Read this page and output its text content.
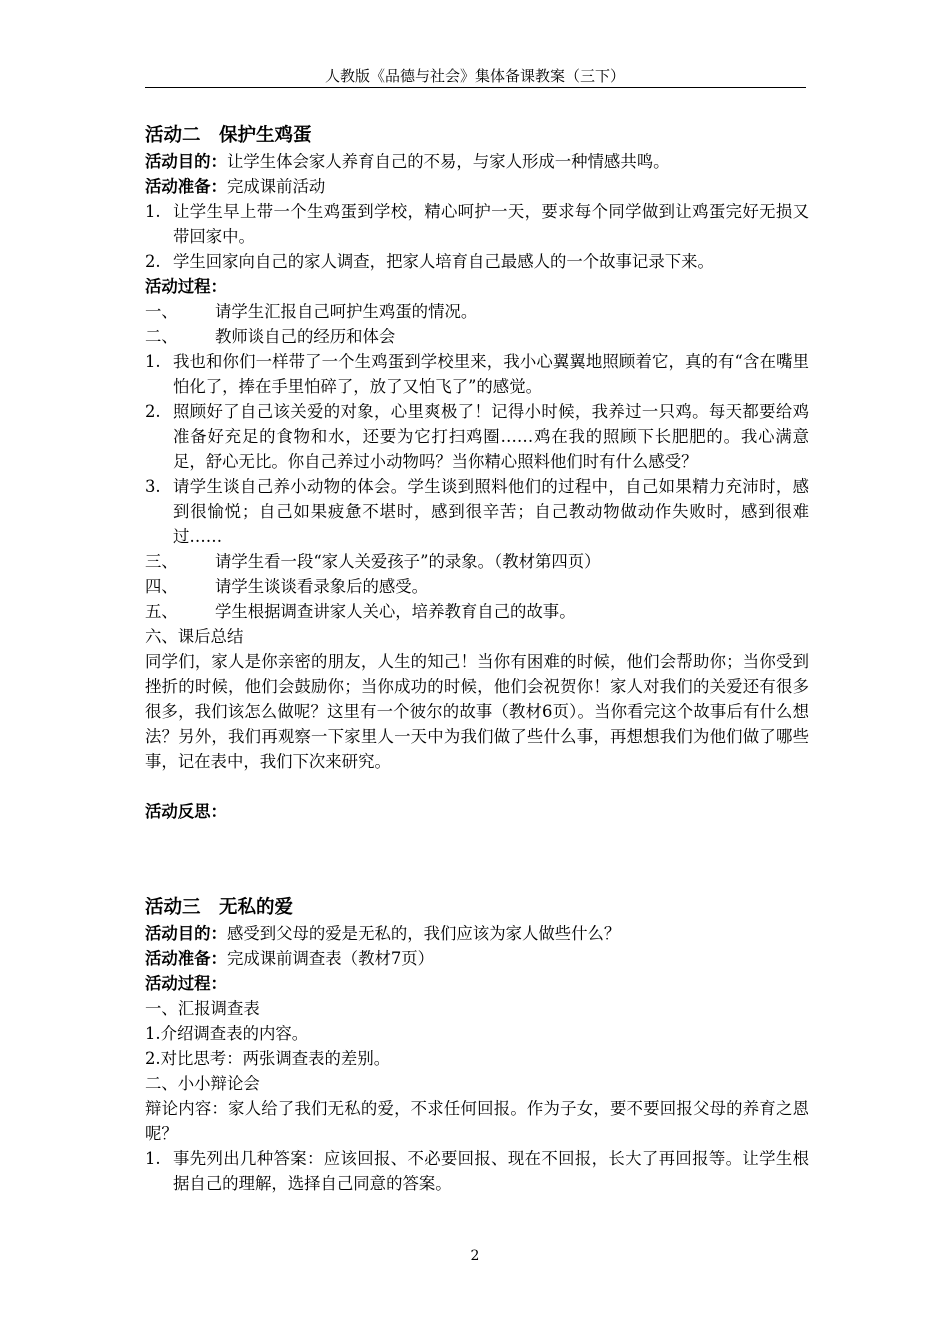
人教版《品德与社会》集体备课教案（三下）
活动二　保护生鸡蛋
活动目的：让学生体会家人养育自己的不易，与家人形成一种情感共鸣。
活动准备：完成课前活动
1. 让学生早上带一个生鸡蛋到学校，精心呵护一天，要求每个同学做到让鸡蛋完好无损又带回家中。
2. 学生回家向自己的家人调查，把家人培育自己最感人的一个故事记录下来。
活动过程：
一、	请学生汇报自己呵护生鸡蛋的情况。
二、	教师谈自己的经历和体会
1. 我也和你们一样带了一个生鸡蛋到学校里来，我小心翼翼地照顾着它，真的有“含在嘴里怕化了，捧在手里怕碎了，放了又怕飞了”的感觉。
2. 照顾好了自己该关爱的对象，心里爽极了！记得小时候，我养过一只鸡。每天都要给鸡准备好充足的食物和水，还要为它打扫鸡圈……鸡在我的照顾下长肥肥的。我心满意足，舒心无比。你自己养过小动物吗？当你精心照料他们时有什么感受？
3. 请学生谈自己养小动物的体会。学生谈到照料他们的过程中，自己如果精力充沛时，感到很愉悦；自己如果疲惫不堪时，感到很辛苦；自己教动物做动作失败时，感到很难过……
三、	请学生看一段“家人关爱孩子”的录象。（教材第四页）
四、	请学生谈谈看录象后的感受。
五、	学生根据调查讲家人关心，培养教育自己的故事。
六、课后总结
同学们，家人是你亲密的朋友，人生的知己！当你有困难的时候，他们会帮助你；当你受到挫折的时候，他们会鼓励你；当你成功的时候，他们会祝贺你！家人对我们的关爱还有很多很多，我们该怎么做呢？这里有一个彼尔的故事（教材6页）。当你看完这个故事后有什么想法？另外，我们再观察一下家里人一天中为我们做了些什么事，再想想我们为他们做了哪些事，记在表中，我们下次来研究。
活动反思：
活动三　无私的爱
活动目的：感受到父母的爱是无私的，我们应该为家人做些什么？
活动准备：完成课前调查表（教材7页）
活动过程：
一、汇报调查表
1.介绍调查表的内容。
2.对比思考：两张调查表的差别。
二、小小辩论会
辩论内容：家人给了我们无私的爱，不求任何回报。作为子女，要不要回报父母的养育之恩呢？
1. 事先列出几种答案：应该回报、不必要回报、现在不回报，长大了再回报等。让学生根据自己的理解，选择自己同意的答案。
2
